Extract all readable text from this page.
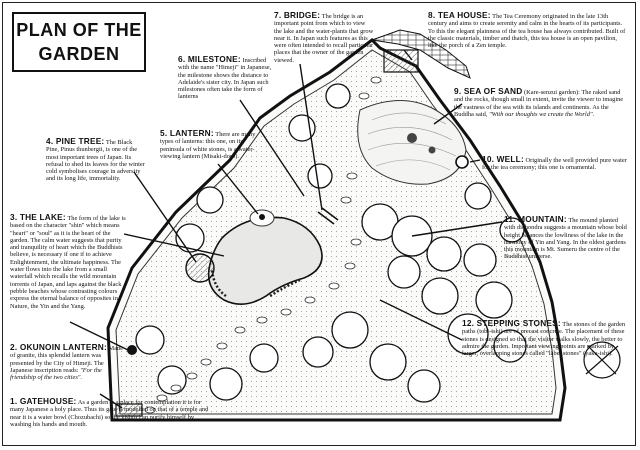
PLAN OF THE
GARDEN
7. BRIDGE: The bridge is an important point from which to view the lake and the water-plants that grow near it. In Japan such features as this were often intended to recall particular places that the owner of the garden viewed.
8. TEA HOUSE: The Tea Ceremony originated in the late 13th century and aims to create serenity and calm in the hearts of its participants. To this the elegant plainness of the tea house has always contributed. Built of the classic materials, timber and thatch, this tea house is an open pavilion, like the porch of a Zen temple.
6. MILESTONE: Inscribed with the name "Himeji" in Japanese, the milestone shows the distance to Adelaide's sister city. In Japan such milestones often take the form of lanterns
9. SEA OF SAND (Kare-senzui garden): The raked sand and the rocks, though small in extent, invite the viewer to imagine the vastness of the sea with its islands and continents. As the Buddha said, "With our thoughts we create the World".
5. LANTERN: There are many types of lanterns: this one, on its peninsula of white stones, is a water-viewing lantern (Misaki-doro).
4. PINE TREE: The Black Pine, Pinus thunbergii, is one of the most important trees of Japan. Its refusal to shed its leaves for the winter cold symbolises courage in adversity and its long life, immortality.
10. WELL: Originally the well provided pure water for the tea ceremony; this one is ornamental.
3. THE LAKE: The form of the lake is based on the character "shin" which means "heart" or "soul" as it is the heart of the garden. The calm water suggests that purity and tranquility of heart which the Buddhists believe, is necessary if one if to achieve Enlightenment, the ultimate happiness. The water flows into the lake from a small waterfall which recalls the wild mountain torrents of Japan, and laps against the black pebble beaches whose contrasting colours express the eternal balance of opposites in Nature, the Yin and the Yang.
11. MOUNTAIN: The mound planted with dichondra suggests a mountain whose bold height balances the lowliness of the lake in the harmony of Yin and Yang. In the oldest gardens this mountain is Mt. Sumeru the centre of the Buddhist universe.
2. OKUNOIN LANTERN: Made of granite, this splendid lantern was presented by the City of Himeji. The Japanese inscription reads: "For the friendship of the two cities".
12. STEPPING STONES: The stones of the garden paths (tobi-ishi) are of precast concrete. The placement of these stones is designed so that the visitor walks slowly, the better to admire the garden. Important viewing points are marked by larger, overlapping stones called "label stones" (yaku-ishi).
1. GATEHOUSE: As a garden is a place for contemplation it is for many Japanese a holy place. Thus its gate is modelled on that of a temple and near it is a water bowl (Chozubachi) so the visitor can purify himself by washing his hands and mouth.
